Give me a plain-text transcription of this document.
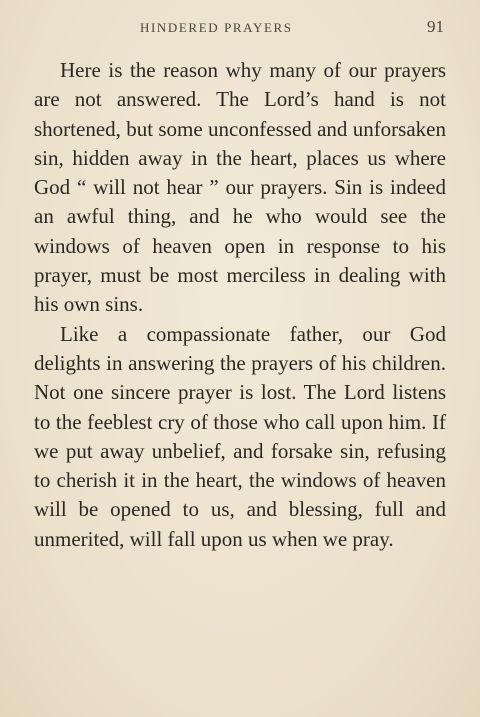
HINDERED PRAYERS	91

Here is the reason why many of our prayers are not answered. The Lord’s hand is not shortened, but some unconfessed and unforsaken sin, hidden away in the heart, places us where God “ will not hear ” our prayers. Sin is indeed an awful thing, and he who would see the windows of heaven open in response to his prayer, must be most merciless in dealing with his own sins.

Like a compassionate father, our God delights in answering the prayers of his children. Not one sincere prayer is lost. The Lord listens to the feeblest cry of those who call upon him. If we put away unbelief, and forsake sin, refusing to cherish it in the heart, the windows of heaven will be opened to us, and blessing, full and unmerited, will fall upon us when we pray.
